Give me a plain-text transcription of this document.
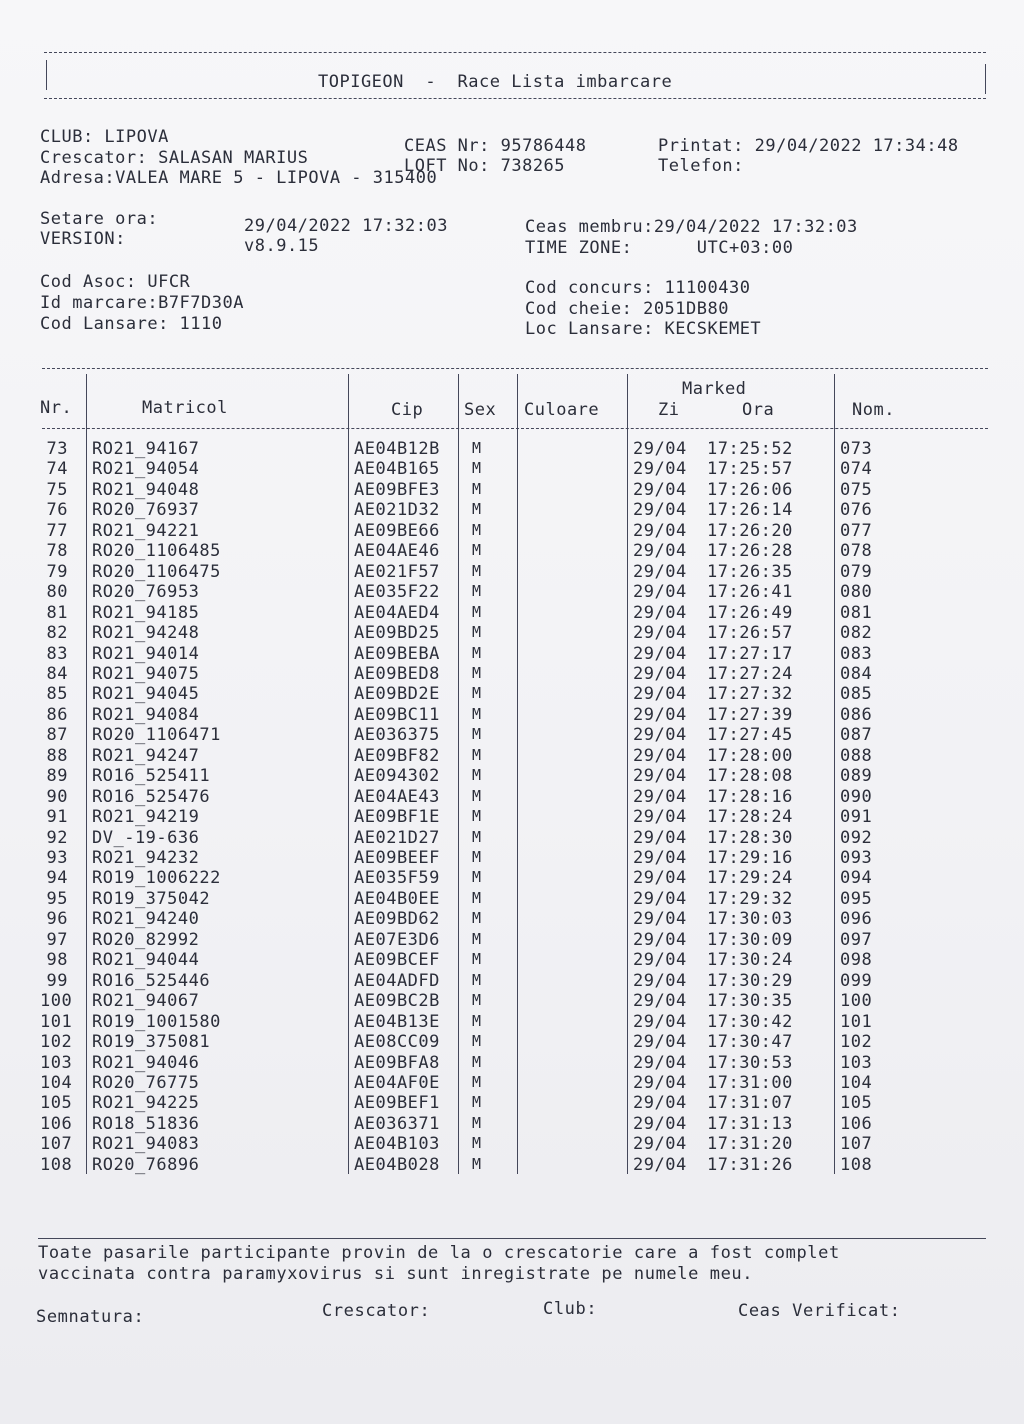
TOPIGEON  -  Race Lista imbarcare
CLUB: LIPOVA
Crescator: SALASAN MARIUS
Adresa:VALEA MARE 5 - LIPOVA - 315400
CEAS Nr: 95786448
LOFT No: 738265
Printat: 29/04/2022 17:34:48
Telefon:
Setare ora:	29/04/2022 17:32:03
VERSION:	v8.9.15
Ceas membru:29/04/2022 17:32:03
TIME ZONE:      UTC+03:00
Cod Asoc: UFCR
Id marcare:B7F7D30A
Cod Lansare: 1110
Cod concurs: 11100430
Cod cheie: 2051DB80
Loc Lansare: KECSKEMET
Nr.	Matricol	Cip Sex Culoare
Marked
Zi	Ora	Nom.
73 RO21_94167	AE04B12B M	29/04 17:25:52	073
74 RO21_94054	AE04B165 M	29/04 17:25:57	074
75 RO21_94048	AE09BFE3 M	29/04 17:26:06	075
76 RO20_76937	AE021D32 M	29/04 17:26:14	076
77 RO21_94221	AE09BE66 M	29/04 17:26:20	077
78 RO20_1106485	AE04AE46 M	29/04 17:26:28	078
79 RO20_1106475	AE021F57 M	29/04 17:26:35	079
80 RO20_76953	AE035F22 M	29/04 17:26:41	080
81 RO21_94185	AE04AED4 M	29/04 17:26:49	081
82 RO21_94248	AE09BD25 M	29/04 17:26:57	082
83 RO21_94014	AE09BEBA M	29/04 17:27:17	083
84 RO21_94075	AE09BED8 M	29/04 17:27:24	084
85 RO21_94045	AE09BD2E M	29/04 17:27:32	085
86 RO21_94084	AE09BC11 M	29/04 17:27:39	086
87 RO20_1106471	AE036375 M	29/04 17:27:45	087
88 RO21_94247	AE09BF82 M	29/04 17:28:00	088
89 RO16_525411	AE094302 M	29/04 17:28:08	089
90 RO16_525476	AE04AE43 M	29/04 17:28:16	090
91 RO21_94219	AE09BF1E M	29/04 17:28:24	091
92 DV_-19-636	AE021D27 M	29/04 17:28:30	092
93 RO21_94232	AE09BEEF M	29/04 17:29:16	093
94 RO19_1006222	AE035F59 M	29/04 17:29:24	094
95 RO19_375042	AE04B0EE M	29/04 17:29:32	095
96 RO21_94240	AE09BD62 M	29/04 17:30:03	096
97 RO20_82992	AE07E3D6 M	29/04 17:30:09	097
98 RO21_94044	AE09BCEF M	29/04 17:30:24	098
99 RO16_525446	AE04ADFD M	29/04 17:30:29	099
100 RO21_94067	AE09BC2B M	29/04 17:30:35	100
101 RO19_1001580	AE04B13E M	29/04 17:30:42	101
102 RO19_375081	AE08CC09 M	29/04 17:30:47	102
103 RO21_94046	AE09BFA8 M	29/04 17:30:53	103
104 RO20_76775	AE04AF0E M	29/04 17:31:00	104
105 RO21_94225	AE09BEF1 M	29/04 17:31:07	105
106 RO18_51836	AE036371 M	29/04 17:31:13	106
107 RO21_94083	AE04B103 M	29/04 17:31:20	107
108 RO20_76896	AE04B028 M	29/04 17:31:26	108
Toate pasarile participante provin de la o crescatorie care a fost complet
vaccinata contra paramyxovirus si sunt inregistrate pe numele meu.
Semnatura:	Crescator:	Club:	Ceas Verificat:
